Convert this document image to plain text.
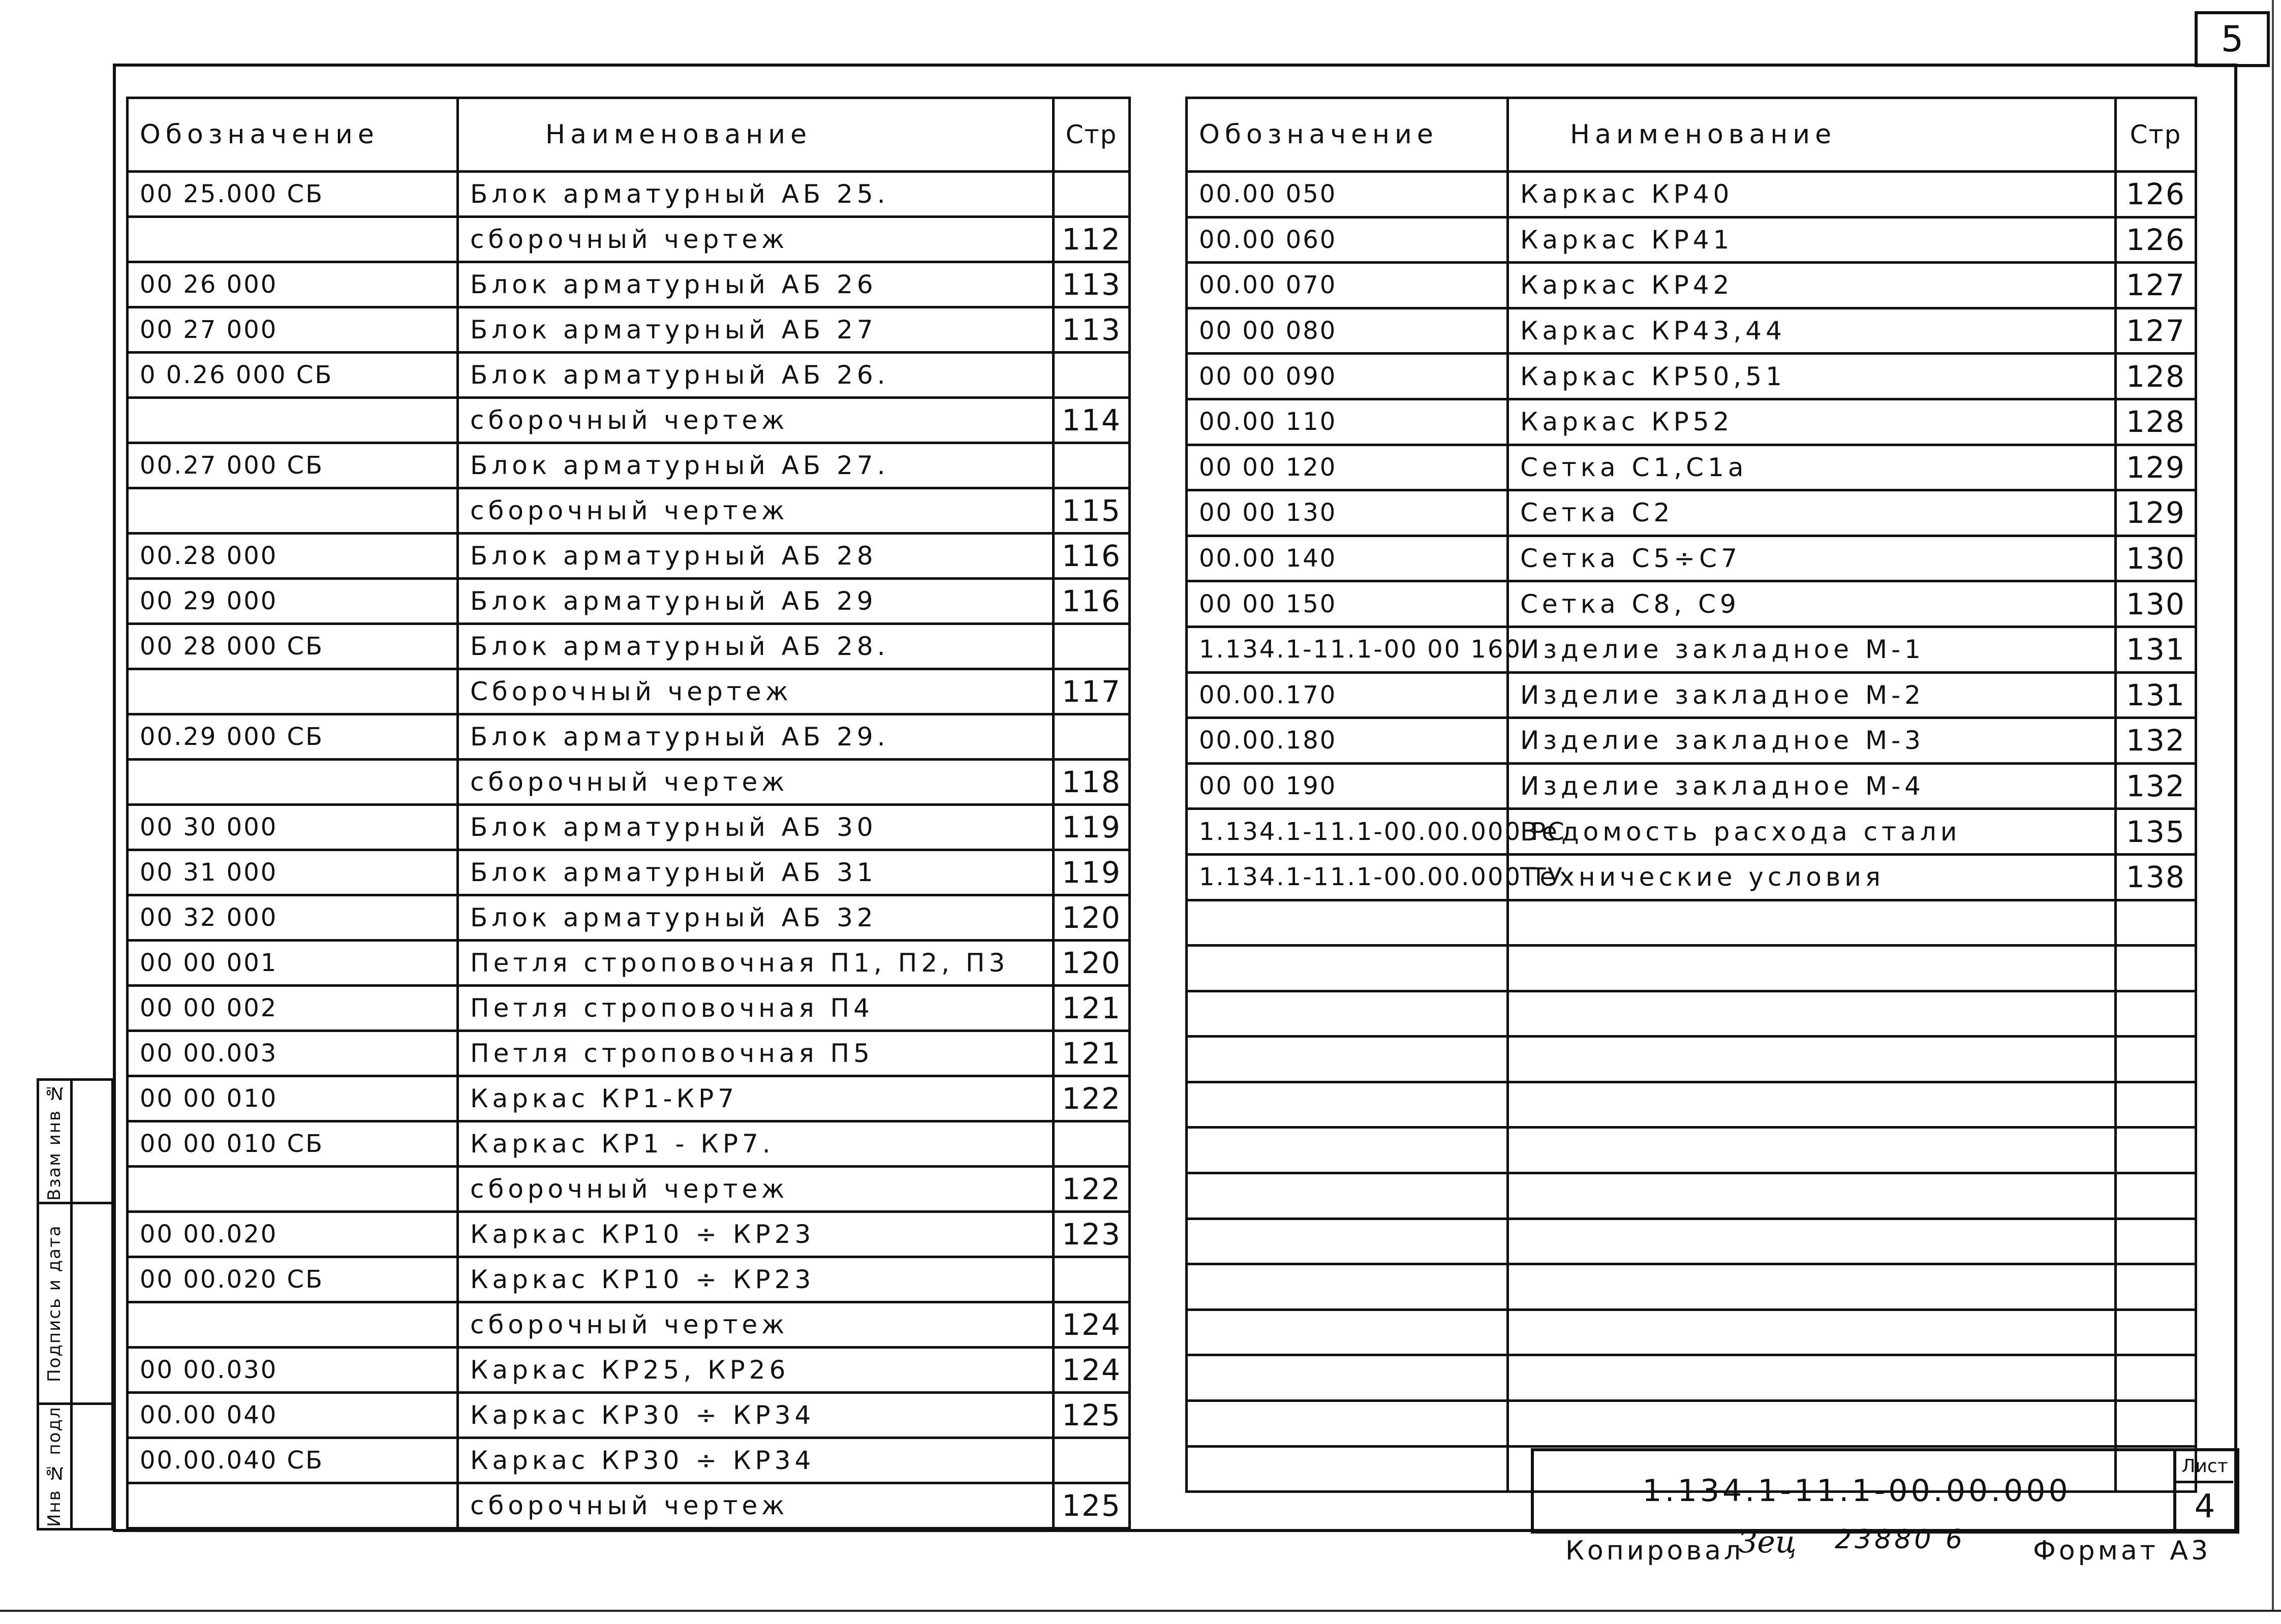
5
Обозначение	Наименование	Стр
00 25.000 СБ	Блок арматурный АБ 25.	
	сборочный чертеж	112
00 26 000	Блок арматурный АБ 26	113
00 27 000	Блок арматурный АБ 27	113
0 0.26 000 СБ	Блок арматурный АБ 26.	
	сборочный чертеж	114
00.27 000 СБ	Блок арматурный АБ 27.	
	сборочный чертеж	115
00.28 000	Блок арматурный АБ 28	116
00 29 000	Блок арматурный АБ 29	116
00 28 000 СБ	Блок арматурный АБ 28.	
	Сборочный чертеж	117
00.29 000 СБ	Блок арматурный АБ 29.	
	сборочный чертеж	118
00 30 000	Блок арматурный АБ 30	119
00 31 000	Блок арматурный АБ 31	119
00 32 000	Блок арматурный АБ 32	120
00 00 001	Петля строповочная П1, П2, П3	120
00 00 002	Петля строповочная П4	121
00 00.003	Петля строповочная П5	121
00 00 010	Каркас КР1-КР7	122
00 00 010 СБ	Каркас КР1 - КР7.	
	сборочный чертеж	122
00 00.020	Каркас КР10 ÷ КР23	123
00 00.020 СБ	Каркас КР10 ÷ КР23	
	сборочный чертеж	124
00 00.030	Каркас КР25, КР26	124
00.00 040	Каркас КР30 ÷ КР34	125
00.00.040 СБ	Каркас КР30 ÷ КР34	
	сборочный чертеж	125
Обозначение	Наименование	Стр
00.00 050	Каркас КР40	126
00.00 060	Каркас КР41	126
00.00 070	Каркас КР42	127
00 00 080	Каркас КР43,44	127
00 00 090	Каркас КР50,51	128
00.00 110	Каркас КР52	128
00 00 120	Сетка С1,С1а	129
00 00 130	Сетка С2	129
00.00 140	Сетка С5÷С7	130
00 00 150	Сетка С8, С9	130
1.134.1-11.1-00 00 160	Изделие закладное М-1	131
00.00.170	Изделие закладное М-2	131
00.00.180	Изделие закладное М-3	132
00 00 190	Изделие закладное М-4	132
1.134.1-11.1-00.00.000 РС	Ведомость расхода стали	135
1.134.1-11.1-00.00.000 ТУ	Технические условия	138

Взам инв №
Подпись и дата
Инв № подл	1.134.1-11.1-00.00.000
Лист
4
Копировал
Зец 23880 6	Формат А3
